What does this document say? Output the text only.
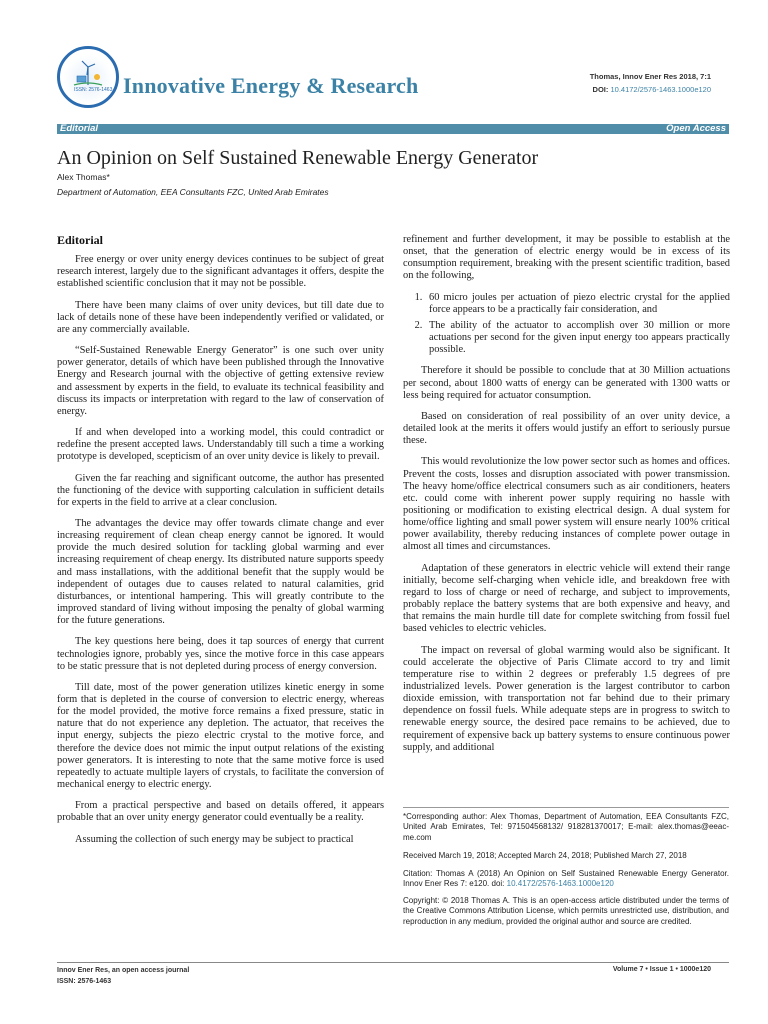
ISSN: 2576-1463 Innovative Energy & Research	Thomas, Innov Ener Res 2018, 7:1
DOI: 10.4172/2576-1463.1000e120
Editorial	Open Access
An Opinion on Self Sustained Renewable Energy Generator
Alex Thomas*
Department of Automation, EEA Consultants FZC, United Arab Emirates
Editorial

Free energy or over unity energy devices continues to be subject of great research interest, largely due to the significant advantages it offers, despite the established scientific conclusion that it may not be possible.

There have been many claims of over unity devices, but till date due to lack of details none of these have been independently verified or validated, or are any commercially available.

“Self-Sustained Renewable Energy Generator” is one such over unity power generator, details of which have been published through the Innovative Energy and Research journal with the objective of getting extensive review and assessment by experts in the field, to evaluate its technical feasibility and discuss its impacts or interpretation with regard to the law of conservation of energy.

If and when developed into a working model, this could contradict or redefine the present accepted laws. Understandably till such a time a working prototype is developed, scepticism of an over unity device is likely to prevail.

Given the far reaching and significant outcome, the author has presented the functioning of the device with supporting calculation in sufficient details for experts in the field to arrive at a clear conclusion.

The advantages the device may offer towards climate change and ever increasing requirement of clean cheap energy cannot be ignored. It would provide the much desired solution for tackling global warming and ever increasing requirement of cheap energy. Its distributed nature supports speedy and mass installations, with the additional benefit that the supply would be independent of outages due to causes related to natural calamities, grid disturbances, or intentional hampering. This will greatly contribute to the improved standard of living without imposing the penalty of global warming for the future generations.

The key questions here being, does it tap sources of energy that current technologies ignore, probably yes, since the motive force in this case appears to be static pressure that is not depleted during process of energy conversion.

Till date, most of the power generation utilizes kinetic energy in some form that is depleted in the course of conversion to electric energy, whereas for the model provided, the motive force remains a fixed pressure, static in nature that do not experience any depletion. The actuator, that receives the input energy, subjects the piezo electric crystal to the motive force, and therefore the device does not mimic the input output relations of the existing power generators. It is interesting to note that the same motive force is used repeatedly to actuate multiple layers of crystals, to facilitate the conversion of mechanical energy to electric energy.

From a practical perspective and based on details offered, it appears probable that an over unity energy generator could eventually be a reality.

Assuming the collection of such energy may be subject to practical

refinement and further development, it may be possible to establish at the onset, that the generation of electric energy would be in excess of its consumption requirement, breaking with the present scientific tradition, based on the following,

1. 60 micro joules per actuation of piezo electric crystal for the applied force appears to be a practically fair consideration, and
2. The ability of the actuator to accomplish over 30 million or more actuations per second for the given input energy too appears practically possible.

Therefore it should be possible to conclude that at 30 Million actuations per second, about 1800 watts of energy can be generated with 1300 watts or less being required for actuator consumption.

Based on consideration of real possibility of an over unity device, a detailed look at the merits it offers would justify an effort to seriously pursue these.

This would revolutionize the low power sector such as homes and offices. Prevent the costs, losses and disruption associated with power transmission. The heavy home/office electrical consumers such as air conditioners, heaters etc. could come with inherent power supply requiring no hassle with positioning or modification to existing electrical design. A dual system for home/office lighting and small power system will ensure nearly 100% critical power availability, thereby reducing instances of complete power outage in almost all times and circumstances.

Adaptation of these generators in electric vehicle will extend their range initially, become self-charging when vehicle idle, and breakdown free with regard to loss of charge or need of recharge, and subject to improvements, probably replace the battery systems that are both expensive and heavy, and that remains the main hurdle till date for complete switching from fossil fuel based vehicles to electric vehicles.

The impact on reversal of global warming would also be significant. It could accelerate the objective of Paris Climate accord to try and limit temperature rise to within 2 degrees or preferably 1.5 degrees of pre industrialized levels. Power generation is the largest contributor to carbon dioxide emission, with transportation not far behind due to their primary dependence on fossil fuels. While adequate steps are in progress to switch to renewable energy source, the desired pace remains to be achieved, due to requirement of expensive back up battery systems to ensure continuous power supply, and additional

*Corresponding author: Alex Thomas, Department of Automation, EEA Consultants FZC, United Arab Emirates, Tel: 971504568132/ 918281370017; E-mail: alex.thomas@eeac-me.com
Received March 19, 2018; Accepted March 24, 2018; Published March 27, 2018
Citation: Thomas A (2018) An Opinion on Self Sustained Renewable Energy Generator. Innov Ener Res 7: e120. doi: 10.4172/2576-1463.1000e120
Copyright: © 2018 Thomas A. This is an open-access article distributed under the terms of the Creative Commons Attribution License, which permits unrestricted use, distribution, and reproduction in any medium, provided the original author and source are credited.
Innov Ener Res, an open access journal
ISSN: 2576-1463
Volume 7 • Issue 1 • 1000e120
